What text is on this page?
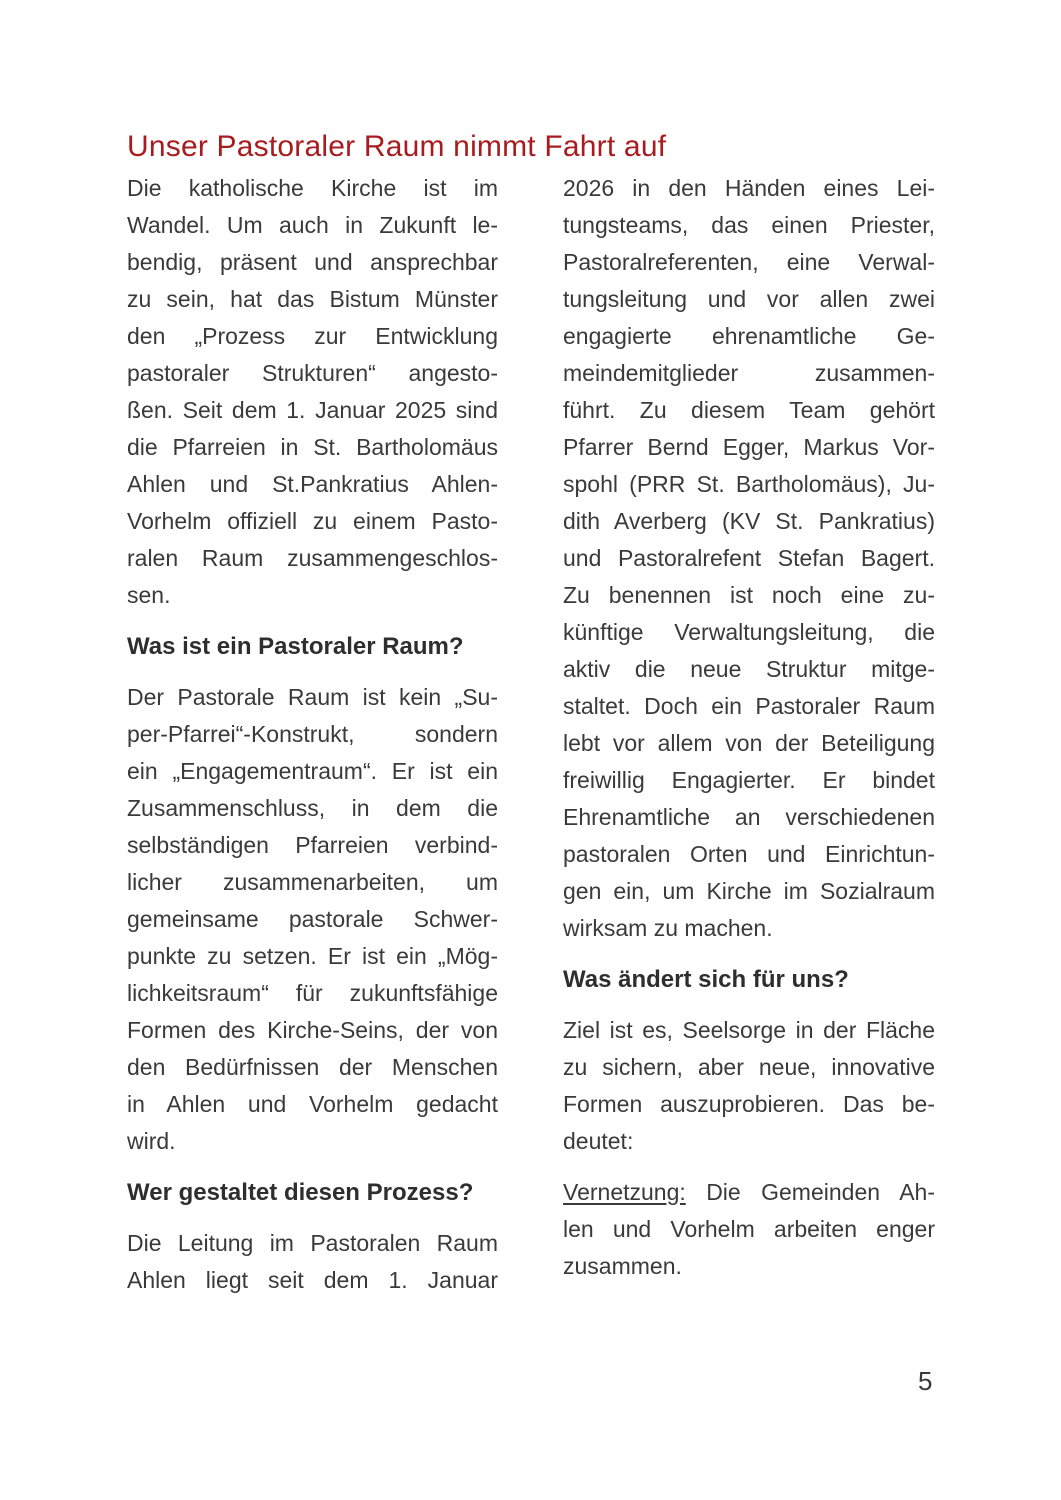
Unser Pastoraler Raum nimmt Fahrt auf
Die katholische Kirche ist im
Wandel. Um auch in Zukunft le-
bendig, präsent und ansprechbar
zu sein, hat das Bistum Münster
den „Prozess zur Entwicklung
pastoraler Strukturen“ angesto-
ßen. Seit dem 1. Januar 2025 sind
die Pfarreien in St. Bartholomäus
Ahlen und St.Pankratius Ahlen-
Vorhelm offiziell zu einem Pasto-
ralen Raum zusammengeschlos-
sen.
Was ist ein Pastoraler Raum?
Der Pastorale Raum ist kein „Su-
per-Pfarrei“-Konstrukt, sondern
ein „Engagementraum“. Er ist ein
Zusammenschluss, in dem die
selbständigen Pfarreien verbind-
licher zusammenarbeiten, um
gemeinsame pastorale Schwer-
punkte zu setzen. Er ist ein „Mög-
lichkeitsraum“ für zukunftsfähige
Formen des Kirche-Seins, der von
den Bedürfnissen der Menschen
in Ahlen und Vorhelm gedacht
wird.
Wer gestaltet diesen Prozess?
Die Leitung im Pastoralen Raum
Ahlen liegt seit dem 1. Januar
2026 in den Händen eines Lei-
tungsteams, das einen Priester,
Pastoralreferenten, eine Verwal-
tungsleitung und vor allen zwei
engagierte ehrenamtliche Ge-
meindemitglieder zusammen-
führt. Zu diesem Team gehört
Pfarrer Bernd Egger, Markus Vor-
spohl (PRR St. Bartholomäus), Ju-
dith Averberg (KV St. Pankratius)
und Pastoralrefent Stefan Bagert.
Zu benennen ist noch eine zu-
künftige Verwaltungsleitung, die
aktiv die neue Struktur mitge-
staltet. Doch ein Pastoraler Raum
lebt vor allem von der Beteiligung
freiwillig Engagierter. Er bindet
Ehrenamtliche an verschiedenen
pastoralen Orten und Einrichtun-
gen ein, um Kirche im Sozialraum
wirksam zu machen.
Was ändert sich für uns?
Ziel ist es, Seelsorge in der Fläche
zu sichern, aber neue, innovative
Formen auszuprobieren. Das be-
deutet:
Vernetzung: Die Gemeinden Ah-
len und Vorhelm arbeiten enger
zusammen.
5
